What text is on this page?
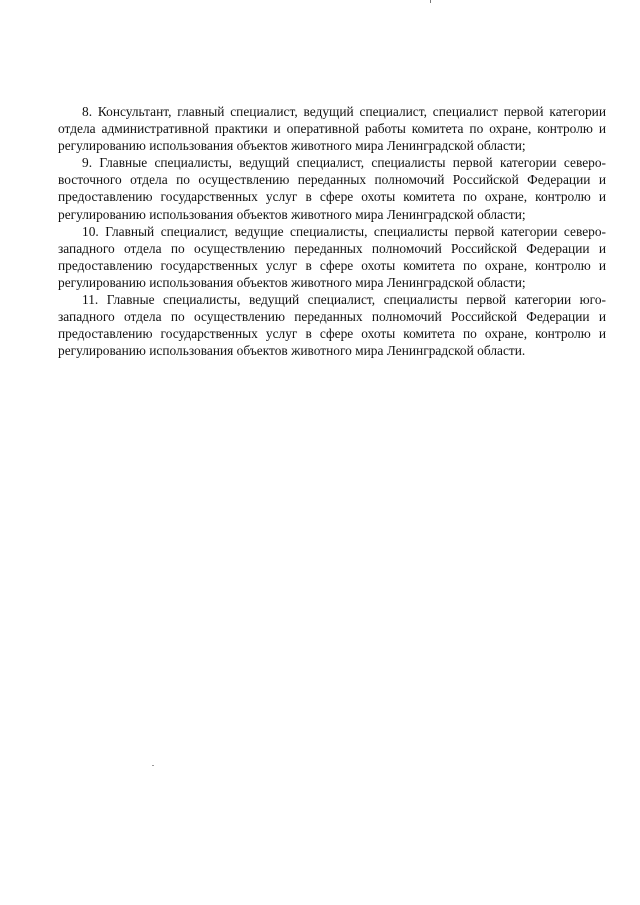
8. Консультант, главный специалист, ведущий специалист, специалист первой категории отдела административной практики и оперативной работы комитета по охране, контролю и регулированию использования объектов животного мира Ленинградской области;

9. Главные специалисты, ведущий специалист, специалисты первой категории северо-восточного отдела по осуществлению переданных полномочий Российской Федерации и предоставлению государственных услуг в сфере охоты комитета по охране, контролю и регулированию использования объектов животного мира Ленинградской области;

10. Главный специалист, ведущие специалисты, специалисты первой категории северо-западного отдела по осуществлению переданных полномочий Российской Федерации и предоставлению государственных услуг в сфере охоты комитета по охране, контролю и регулированию использования объектов животного мира Ленинградской области;

11. Главные специалисты, ведущий специалист, специалисты первой категории юго-западного отдела по осуществлению переданных полномочий Российской Федерации и предоставлению государственных услуг в сфере охоты комитета по охране, контролю и регулированию использования объектов животного мира Ленинградской области.
